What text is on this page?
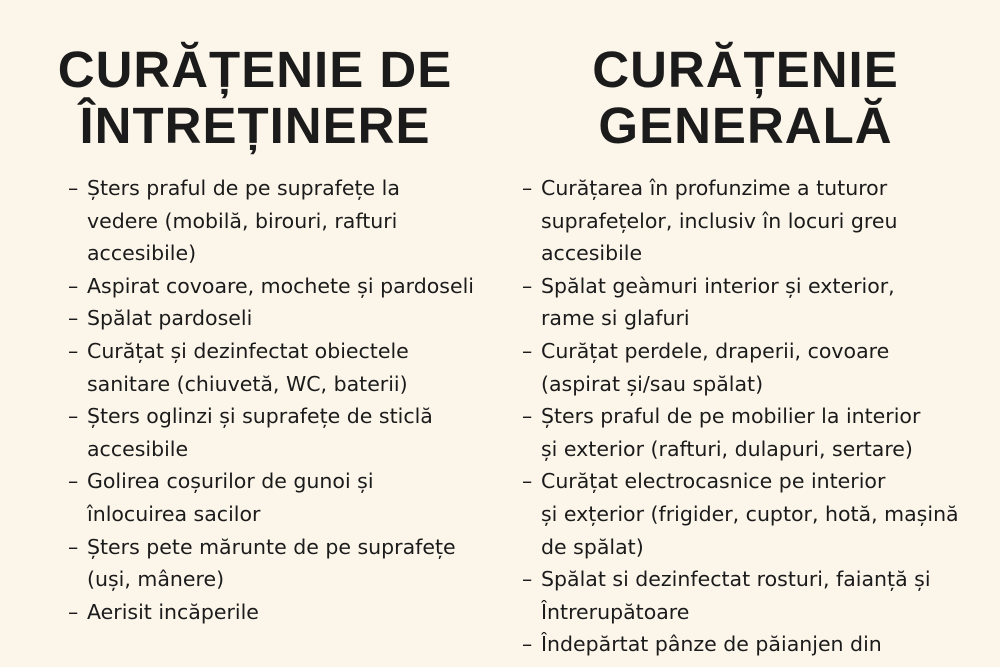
CURĂȚENIE DE
ÎNTREȚINERE
– Șters praful de pe suprafețe la
vedere (mobilă, birouri, rafturi
accesibile)
– Aspirat covoare, mochete și pardoseli
– Spălat pardoseli
– Curățat și dezinfectat obiectele
sanitare (chiuvetă, WC, baterii)
– Șters oglinzi și suprafețe de sticlă
accesibile
– Golirea coșurilor de gunoi și
înlocuirea sacilor
– Șters pete mărunte de pe suprafețe
(uși, mânere)
– Aerisit incăperile
CURĂȚENIE
GENERALĂ
– Curățarea în profunzime a tuturor
suprafețelor, inclusiv în locuri greu
accesibile
– Spălat geàmuri interior și exterior,
rame si glafuri
– Curățat perdele, draperii, covoare
(aspirat și/sau spălat)
– Șters praful de pe mobilier la interior
și exterior (rafturi, dulapuri, sertare)
– Curățat electrocasnice pe interior
și exțerior (frigider, cuptor, hotă, mașină
de spălat)
– Spălat si dezinfectat rosturi, faianță și
Întrerupătoare
– Îndepărtat pânze de păianjen din
